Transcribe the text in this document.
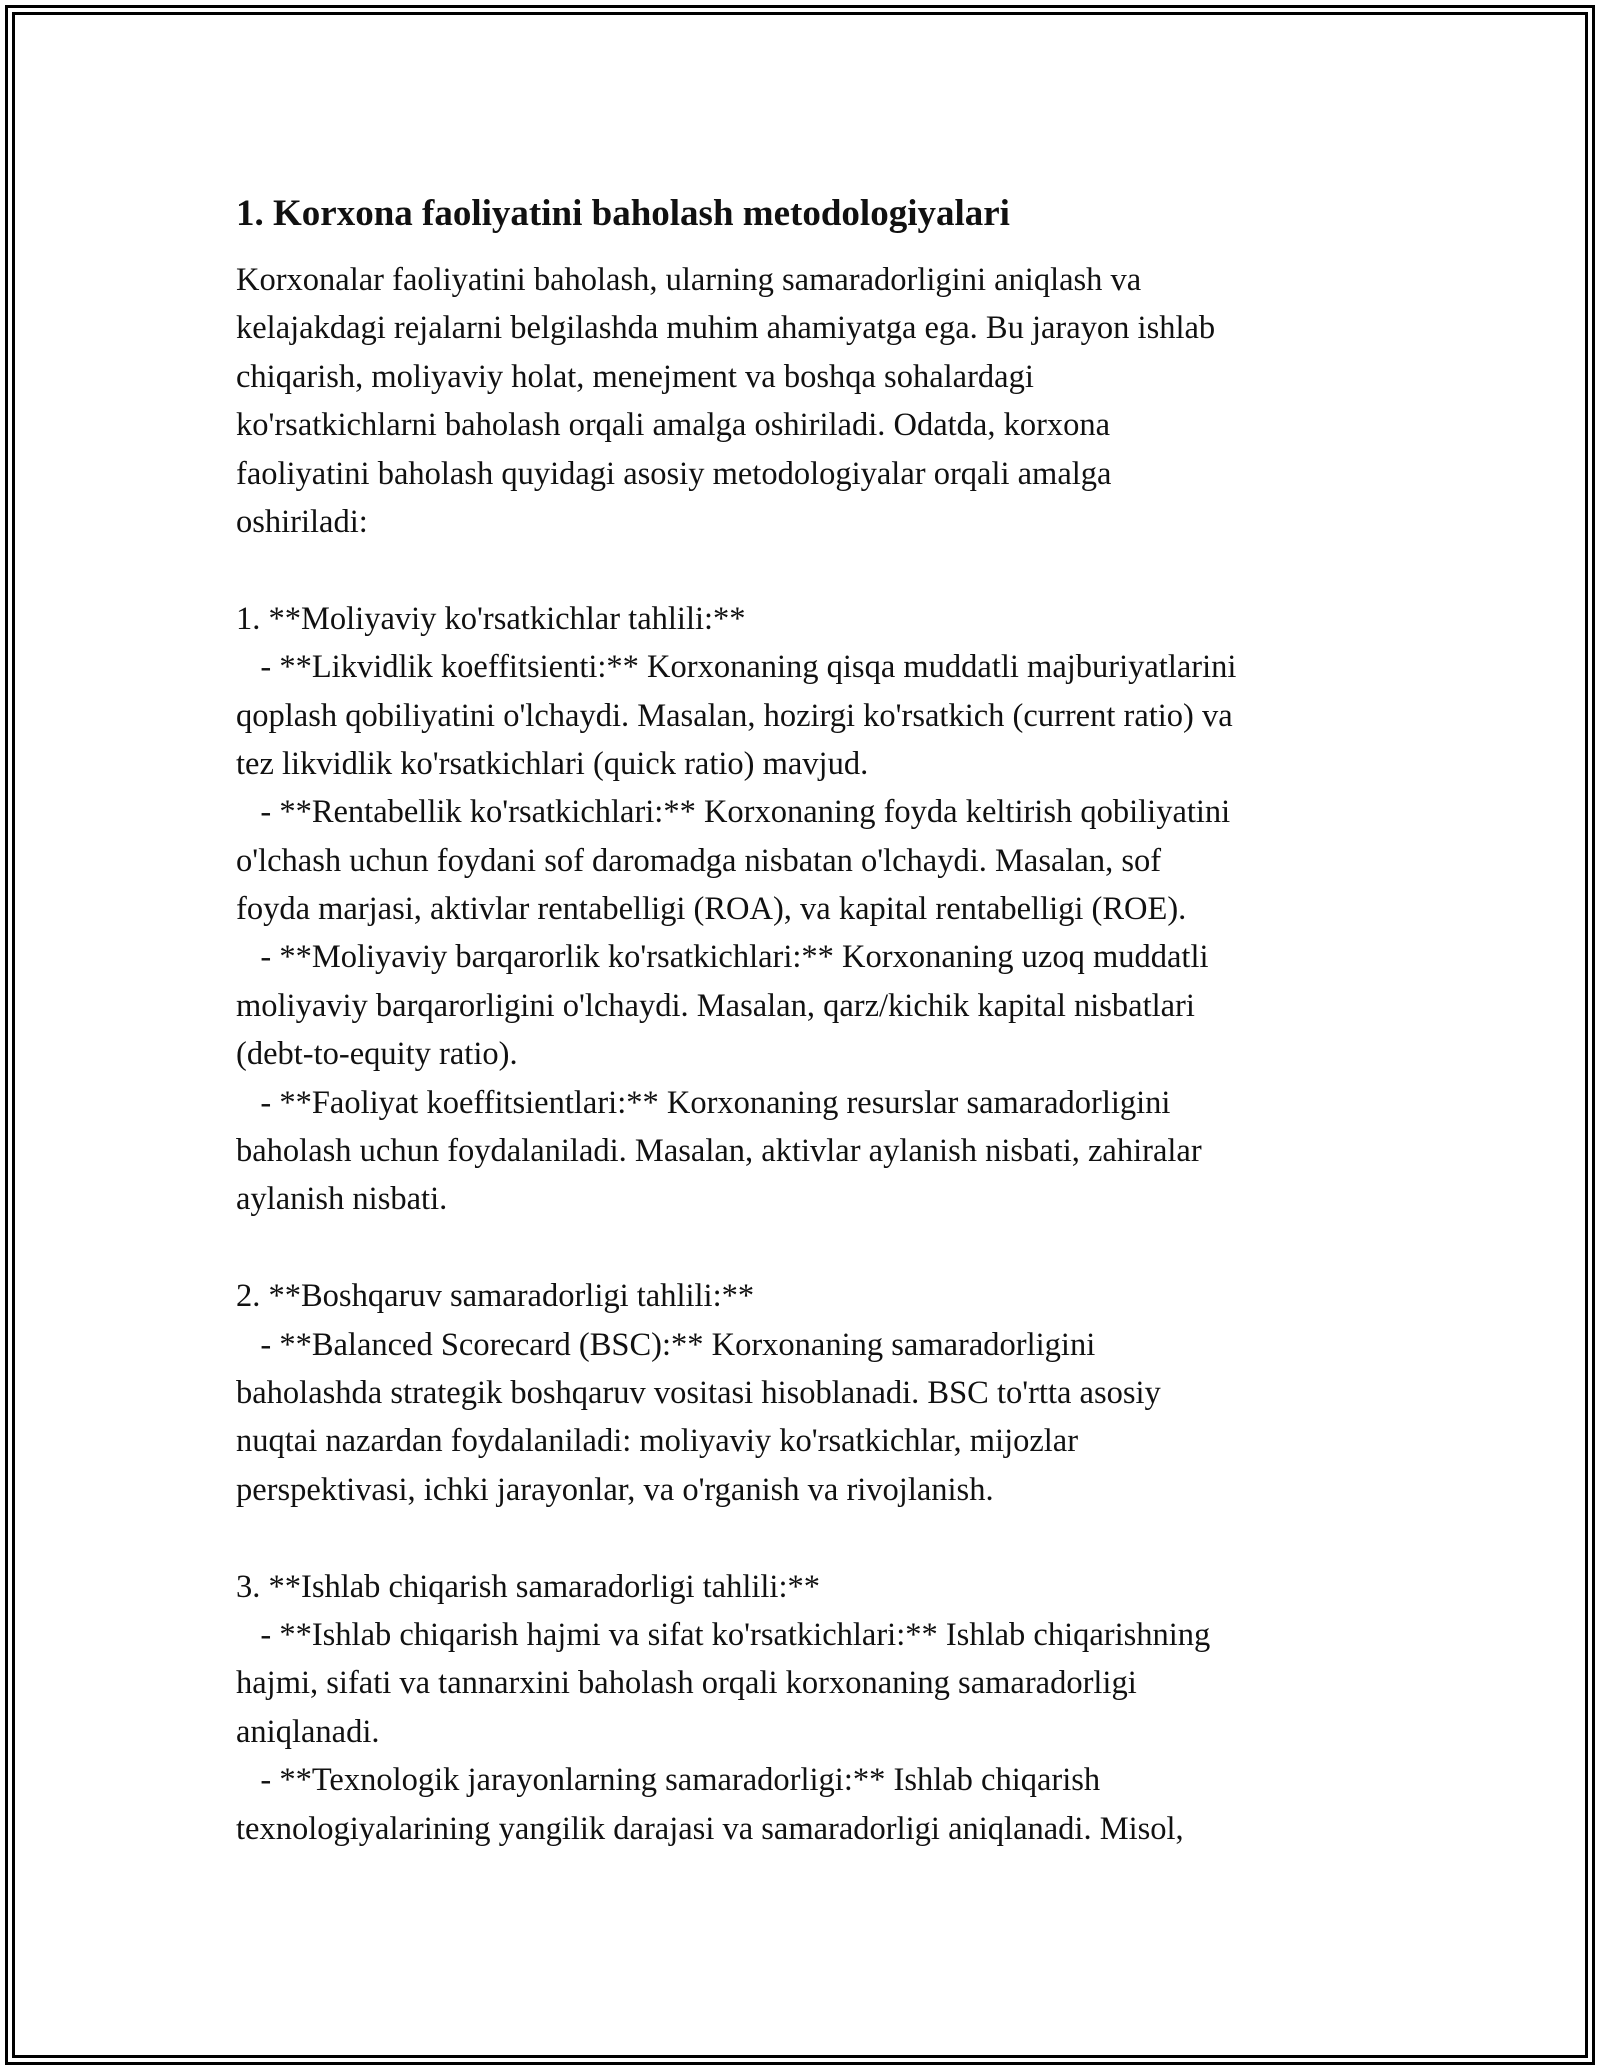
1. Korxona faoliyatini baholash metodologiyalari
Korxonalar faoliyatini baholash, ularning samaradorligini aniqlash va
kelajakdagi rejalarni belgilashda muhim ahamiyatga ega. Bu jarayon ishlab
chiqarish, moliyaviy holat, menejment va boshqa sohalardagi
ko'rsatkichlarni baholash orqali amalga oshiriladi. Odatda, korxona
faoliyatini baholash quyidagi asosiy metodologiyalar orqali amalga
oshiriladi:
1. **Moliyaviy ko'rsatkichlar tahlili:**
- **Likvidlik koeffitsienti:** Korxonaning qisqa muddatli majburiyatlarini
qoplash qobiliyatini o'lchaydi. Masalan, hozirgi ko'rsatkich (current ratio) va
tez likvidlik ko'rsatkichlari (quick ratio) mavjud.
- **Rentabellik ko'rsatkichlari:** Korxonaning foyda keltirish qobiliyatini
o'lchash uchun foydani sof daromadga nisbatan o'lchaydi. Masalan, sof
foyda marjasi, aktivlar rentabelligi (ROA), va kapital rentabelligi (ROE).
- **Moliyaviy barqarorlik ko'rsatkichlari:** Korxonaning uzoq muddatli
moliyaviy barqarorligini o'lchaydi. Masalan, qarz/kichik kapital nisbatlari
(debt-to-equity ratio).
- **Faoliyat koeffitsientlari:** Korxonaning resurslar samaradorligini
baholash uchun foydalaniladi. Masalan, aktivlar aylanish nisbati, zahiralar
aylanish nisbati.
2. **Boshqaruv samaradorligi tahlili:**
- **Balanced Scorecard (BSC):** Korxonaning samaradorligini
baholashda strategik boshqaruv vositasi hisoblanadi. BSC to'rtta asosiy
nuqtai nazardan foydalaniladi: moliyaviy ko'rsatkichlar, mijozlar
perspektivasi, ichki jarayonlar, va o'rganish va rivojlanish.
3. **Ishlab chiqarish samaradorligi tahlili:**
- **Ishlab chiqarish hajmi va sifat ko'rsatkichlari:** Ishlab chiqarishning
hajmi, sifati va tannarxini baholash orqali korxonaning samaradorligi
aniqlanadi.
- **Texnologik jarayonlarning samaradorligi:** Ishlab chiqarish
texnologiyalarining yangilik darajasi va samaradorligi aniqlanadi. Misol,
